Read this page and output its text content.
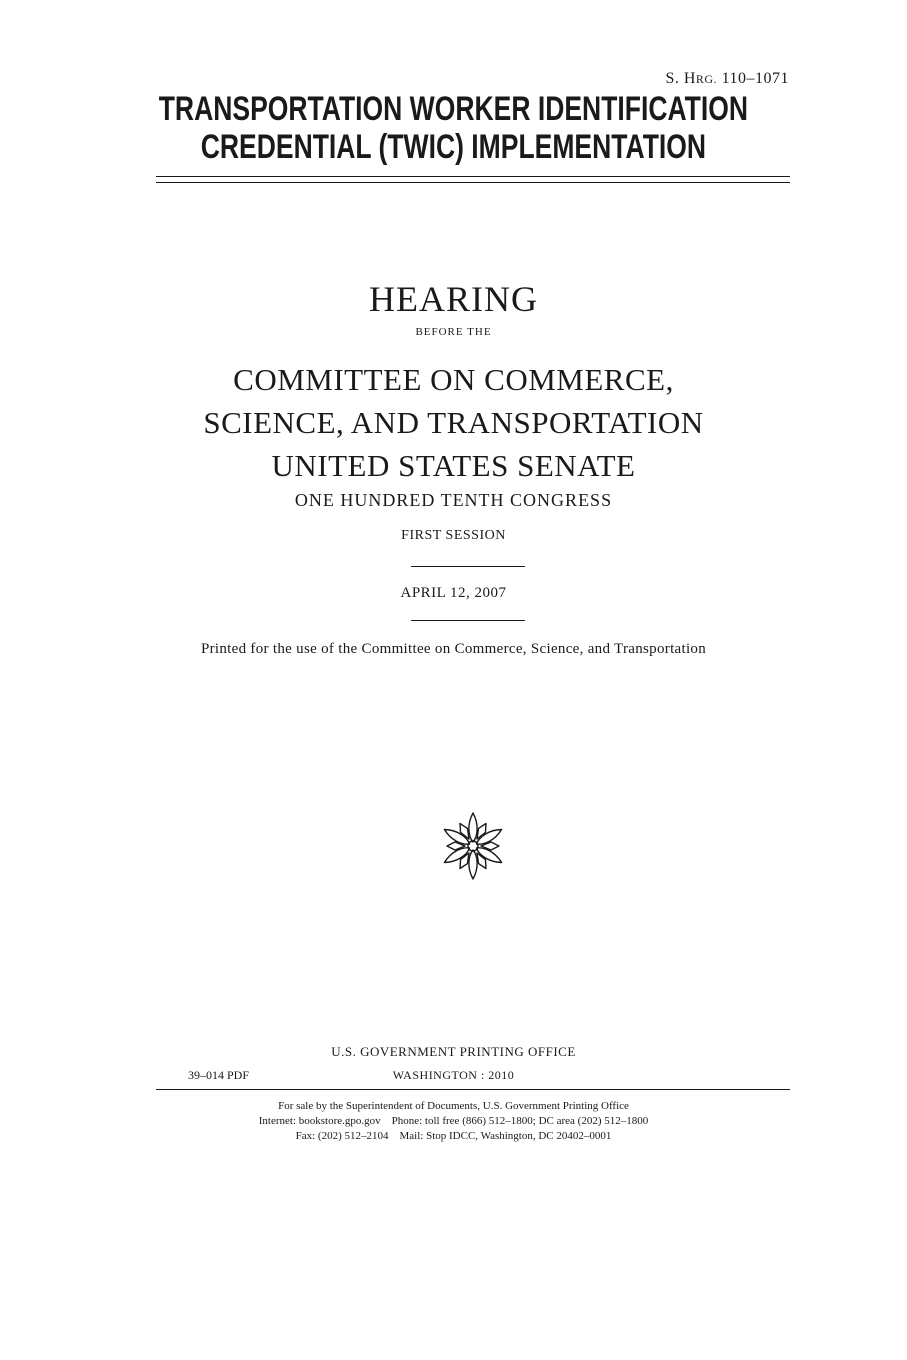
S. HRG. 110–1071
TRANSPORTATION WORKER IDENTIFICATION
CREDENTIAL (TWIC) IMPLEMENTATION
HEARING
BEFORE THE
COMMITTEE ON COMMERCE,
SCIENCE, AND TRANSPORTATION
UNITED STATES SENATE
ONE HUNDRED TENTH CONGRESS
FIRST SESSION
APRIL 12, 2007
Printed for the use of the Committee on Commerce, Science, and Transportation
U.S. GOVERNMENT PRINTING OFFICE
39–014 PDF	WASHINGTON : 2010
For sale by the Superintendent of Documents, U.S. Government Printing Office
Internet: bookstore.gpo.gov    Phone: toll free (866) 512–1800; DC area (202) 512–1800
Fax: (202) 512–2104    Mail: Stop IDCC, Washington, DC 20402–0001
